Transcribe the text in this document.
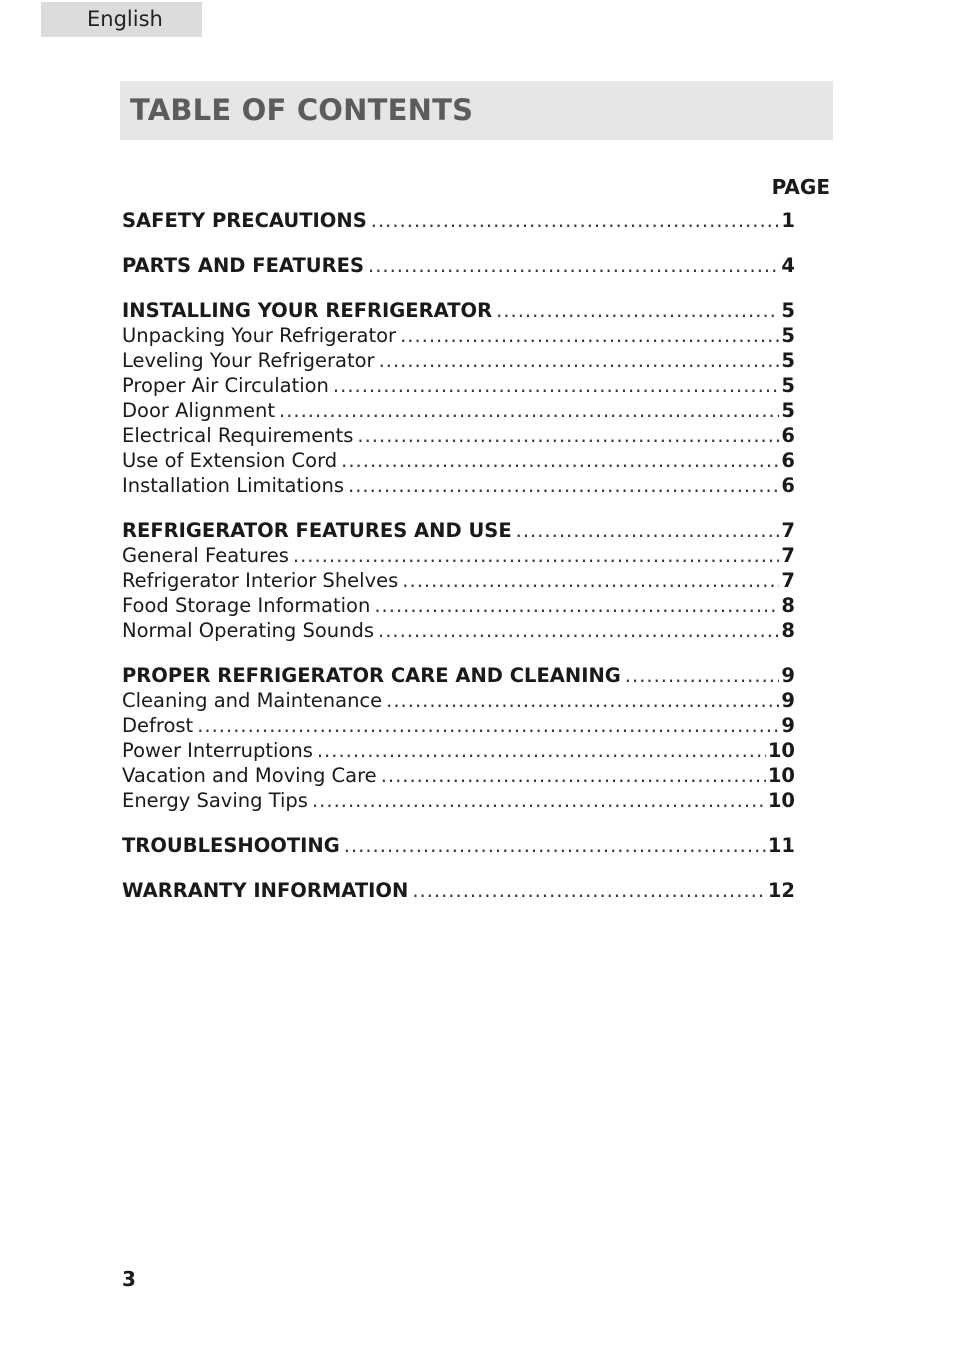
English
TABLE OF CONTENTS
PAGE
SAFETY PRECAUTIONS .....	1
PARTS AND FEATURES .....	4
INSTALLING YOUR REFRIGERATOR .....	5
Unpacking Your Refrigerator .....	5
Leveling Your Refrigerator .....	5
Proper Air Circulation .....	5
Door Alignment .....	5
Electrical Requirements .....	6
Use of Extension Cord .....	6
Installation Limitations .....	6
REFRIGERATOR FEATURES AND USE .....	7
General Features .....	7
Refrigerator Interior Shelves .....	7
Food Storage Information .....	8
Normal Operating Sounds .....	8
PROPER REFRIGERATOR CARE AND CLEANING .....	9
Cleaning and Maintenance .....	9
Defrost .....	9
Power Interruptions .....	10
Vacation and Moving Care .....	10
Energy Saving Tips .....	10
TROUBLESHOOTING .....	11
WARRANTY INFORMATION .....	12
3
